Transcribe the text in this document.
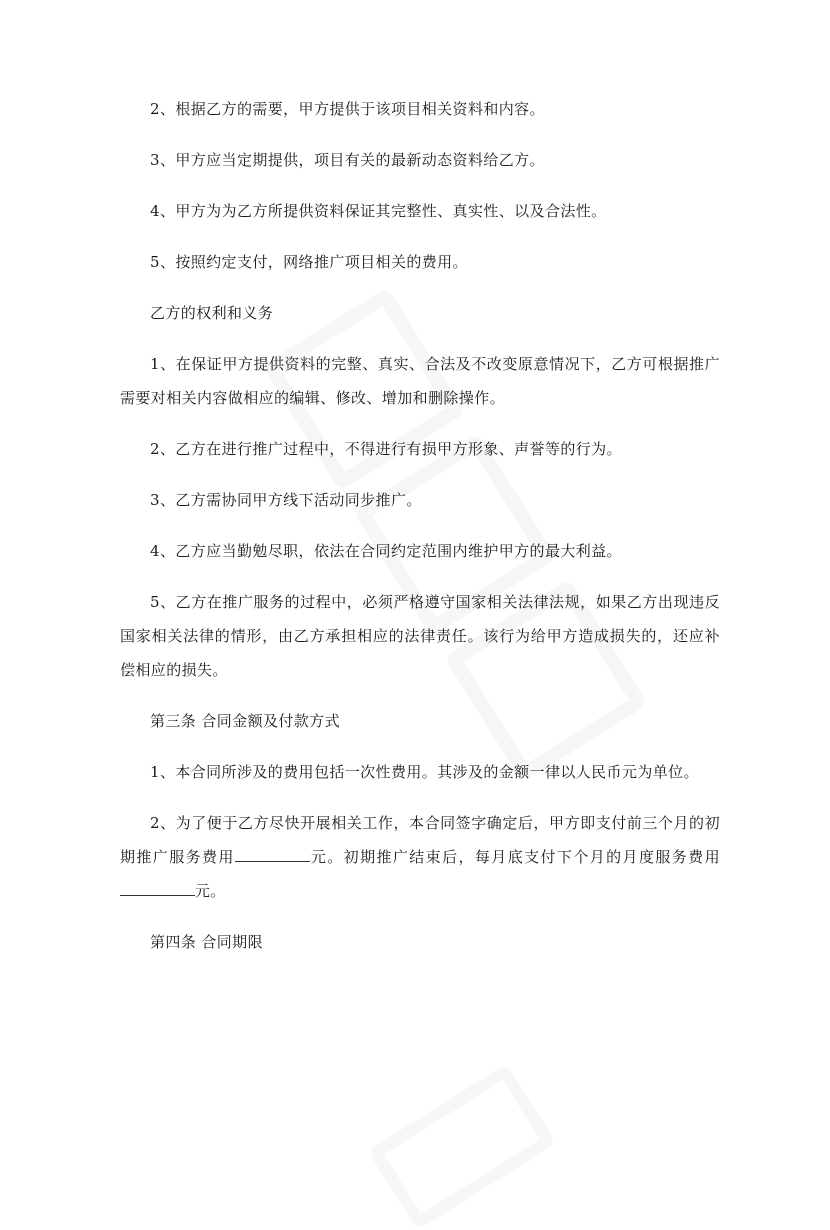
2、根据乙方的需要，甲方提供于该项目相关资料和内容。

3、甲方应当定期提供，项目有关的最新动态资料给乙方。

4、甲方为为乙方所提供资料保证其完整性、真实性、以及合法性。

5、按照约定支付，网络推广项目相关的费用。

乙方的权利和义务

1、在保证甲方提供资料的完整、真实、合法及不改变原意情况下，乙方可根据推广需要对相关内容做相应的编辑、修改、增加和删除操作。

2、乙方在进行推广过程中，不得进行有损甲方形象、声誉等的行为。

3、乙方需协同甲方线下活动同步推广。

4、乙方应当勤勉尽职，依法在合同约定范围内维护甲方的最大利益。

5、乙方在推广服务的过程中，必须严格遵守国家相关法律法规，如果乙方出现违反国家相关法律的情形，由乙方承担相应的法律责任。该行为给甲方造成损失的，还应补偿相应的损失。

第三条 合同金额及付款方式

1、本合同所涉及的费用包括一次性费用。其涉及的金额一律以人民币元为单位。

2、为了便于乙方尽快开展相关工作，本合同签字确定后，甲方即支付前三个月的初期推广服务费用	元。初期推广结束后，每月底支付下个月的月度服务费用元。

第四条 合同期限
